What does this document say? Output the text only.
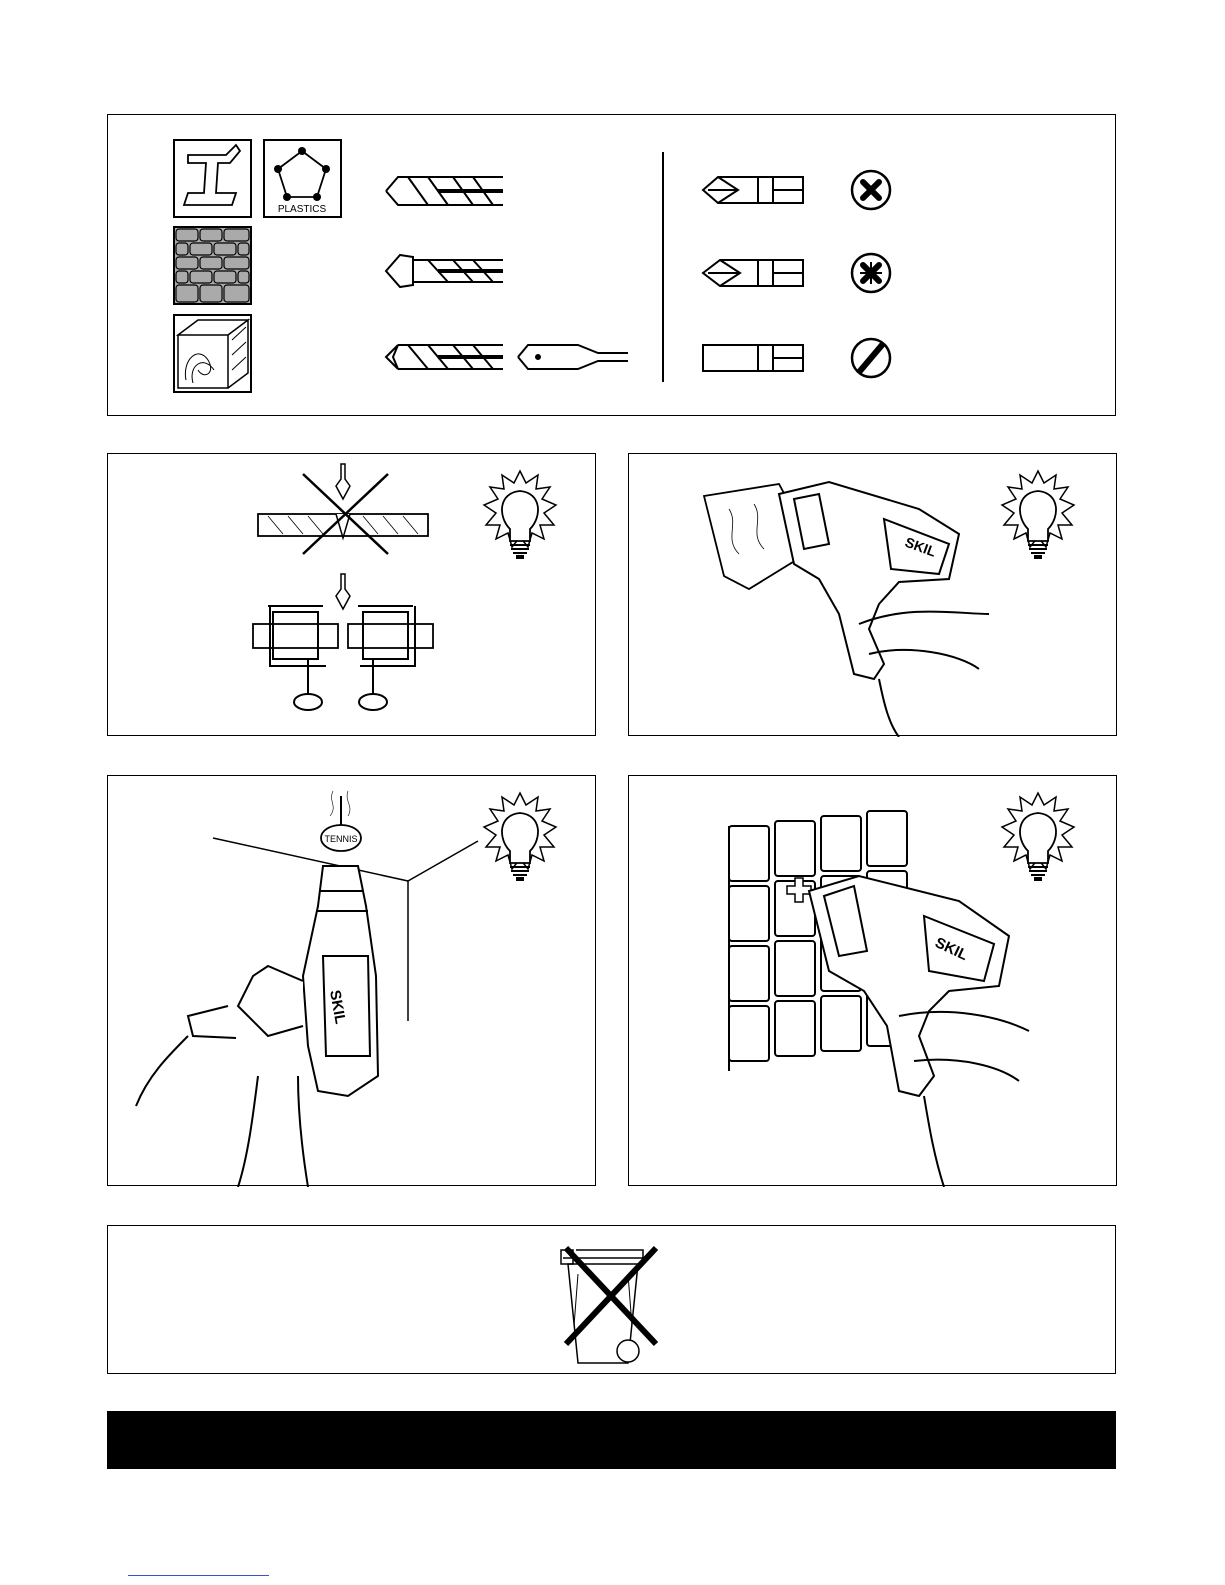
PLASTICS
SKIL
TENNIS
SKIL
SKIL
